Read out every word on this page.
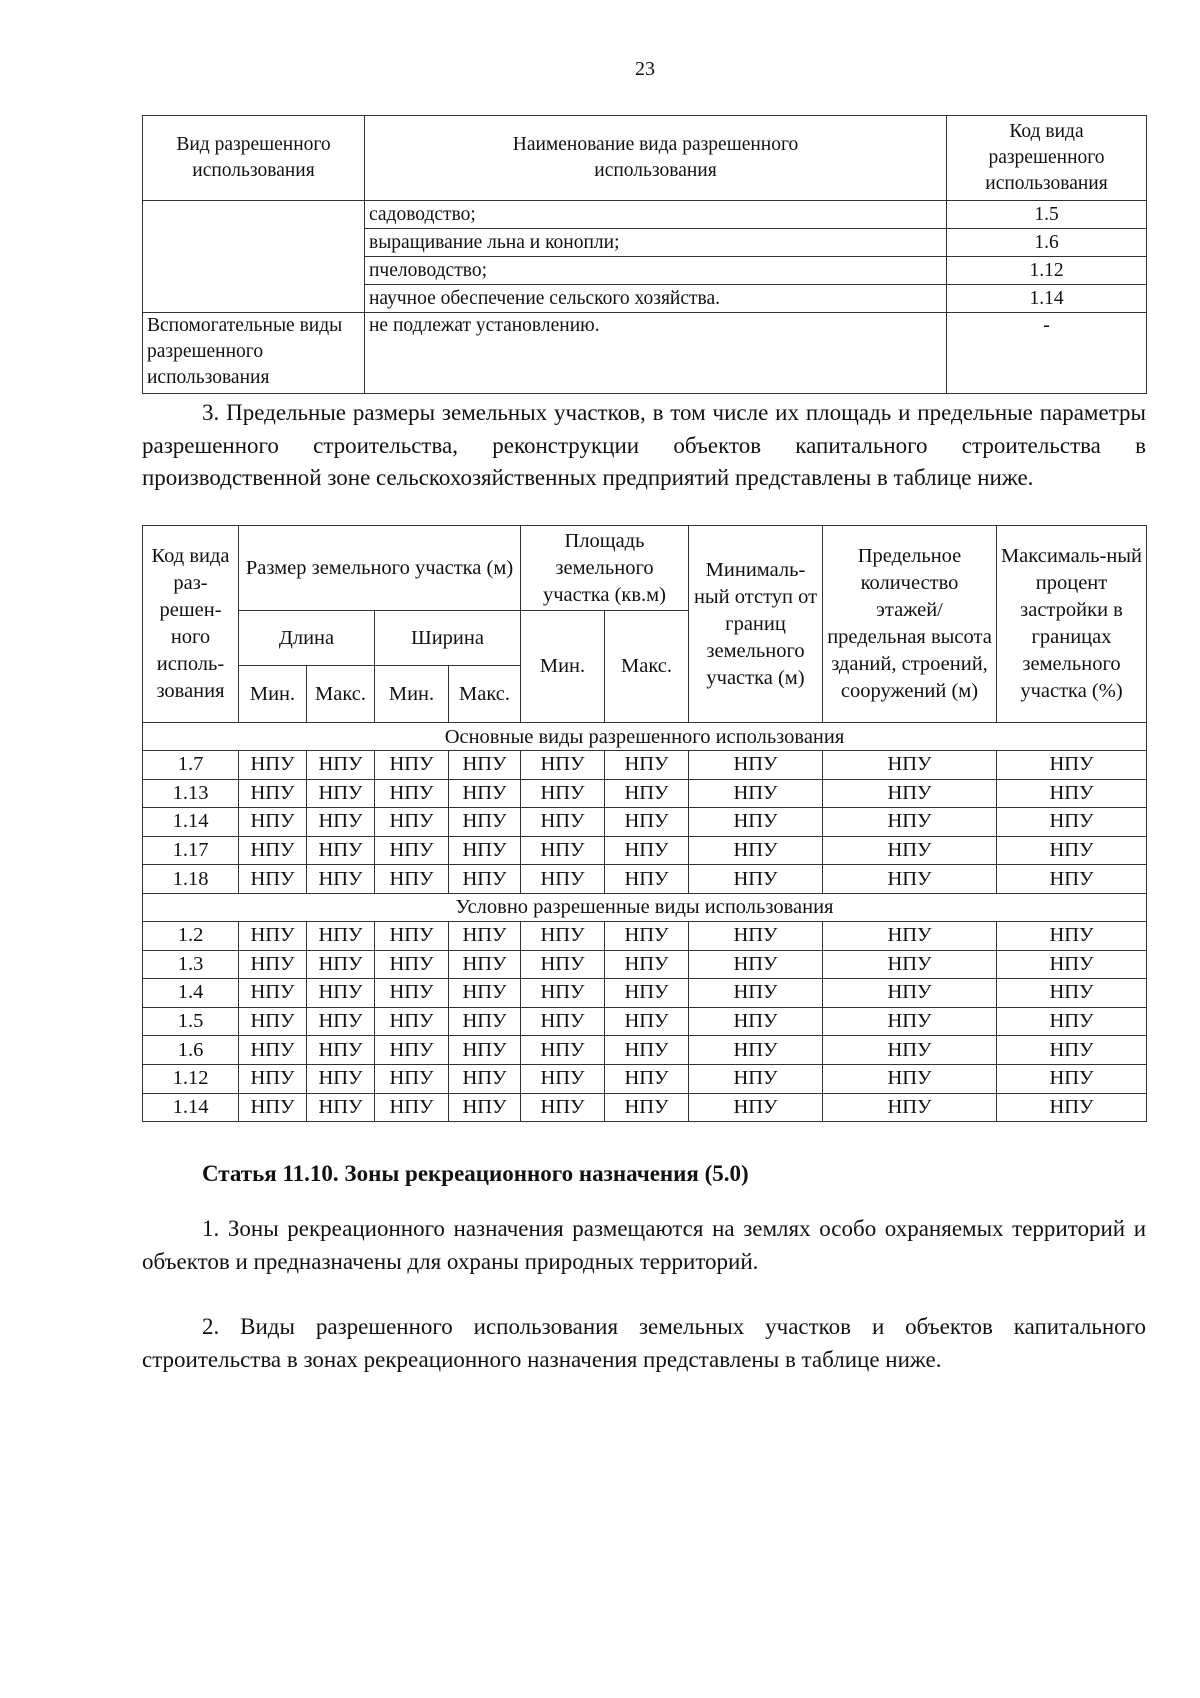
23
Вид разрешенного использования	Наименование вида разрешенного использования	Код вида разрешенного использования
	садоводство;	1.5
	выращивание льна и конопли;	1.6
	пчеловодство;	1.12
	научное обеспечение сельского хозяйства.	1.14
Вспомогательные виды разрешенного использования	не подлежат установлению.	-
3. Предельные размеры земельных участков, в том числе их площадь и предельные параметры разрешенного строительства, реконструкции объектов капитального строительства в производственной зоне сельскохозяйственных предприятий представлены в таблице ниже.
Код вида раз-решен-ного исполь-зования	Размер земельного участка (м)				Площадь земельного участка (кв.м)		Минималь-ный отступ от границ земельного участка (м)	Предельное количество этажей/ предельная высота зданий, строений, сооружений (м)	Максималь-ный процент застройки в границах земельного участка (%)
	Длина		Ширина		Мин.	Макс.			
	Мин.	Макс.	Мин.	Макс.					
Основные виды разрешенного использования									
1.7	НПУ	НПУ	НПУ	НПУ	НПУ	НПУ	НПУ	НПУ	НПУ
1.13	НПУ	НПУ	НПУ	НПУ	НПУ	НПУ	НПУ	НПУ	НПУ
1.14	НПУ	НПУ	НПУ	НПУ	НПУ	НПУ	НПУ	НПУ	НПУ
1.17	НПУ	НПУ	НПУ	НПУ	НПУ	НПУ	НПУ	НПУ	НПУ
1.18	НПУ	НПУ	НПУ	НПУ	НПУ	НПУ	НПУ	НПУ	НПУ
Условно разрешенные виды использования									
1.2	НПУ	НПУ	НПУ	НПУ	НПУ	НПУ	НПУ	НПУ	НПУ
1.3	НПУ	НПУ	НПУ	НПУ	НПУ	НПУ	НПУ	НПУ	НПУ
1.4	НПУ	НПУ	НПУ	НПУ	НПУ	НПУ	НПУ	НПУ	НПУ
1.5	НПУ	НПУ	НПУ	НПУ	НПУ	НПУ	НПУ	НПУ	НПУ
1.6	НПУ	НПУ	НПУ	НПУ	НПУ	НПУ	НПУ	НПУ	НПУ
1.12	НПУ	НПУ	НПУ	НПУ	НПУ	НПУ	НПУ	НПУ	НПУ
1.14	НПУ	НПУ	НПУ	НПУ	НПУ	НПУ	НПУ	НПУ	НПУ
Статья 11.10. Зоны рекреационного назначения (5.0)
1. Зоны рекреационного назначения размещаются на землях особо охраняемых территорий и объектов и предназначены для охраны природных территорий.
2. Виды разрешенного использования земельных участков и объектов капитального строительства в зонах рекреационного назначения представлены в таблице ниже.
